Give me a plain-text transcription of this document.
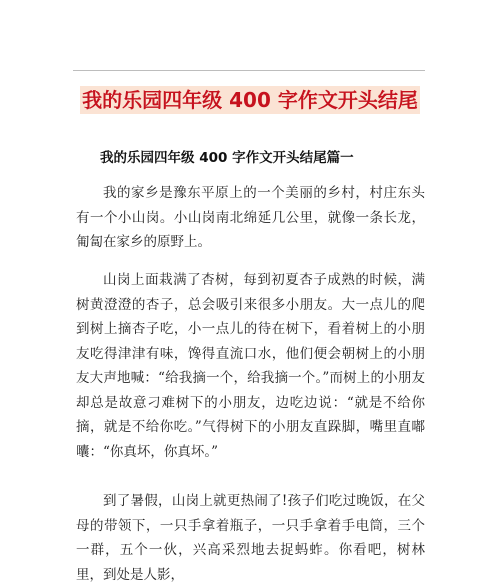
我的乐园四年级 400 字作文开头结尾
我的乐园四年级 400 字作文开头结尾篇一

我的家乡是豫东平原上的一个美丽的乡村，村庄东头有一个小山岗。小山岗南北绵延几公里，就像一条长龙，匍匐在家乡的原野上。

山岗上面栽满了杏树，每到初夏杏子成熟的时候，满树黄澄澄的杏子，总会吸引来很多小朋友。大一点儿的爬到树上摘杏子吃，小一点儿的待在树下，看着树上的小朋友吃得津津有味，馋得直流口水，他们便会朝树上的小朋友大声地喊：“给我摘一个，给我摘一个。”而树上的小朋友却总是故意刁难树下的小朋友，边吃边说：“就是不给你摘，就是不给你吃。”气得树下的小朋友直跺脚，嘴里直嘟囔：“你真坏，你真坏。”

到了暑假，山岗上就更热闹了!孩子们吃过晚饭，在父母的带领下，一只手拿着瓶子，一只手拿着手电筒，三个一群，五个一伙，兴高采烈地去捉蚂蚱。你看吧，树林里，到处是人影，
